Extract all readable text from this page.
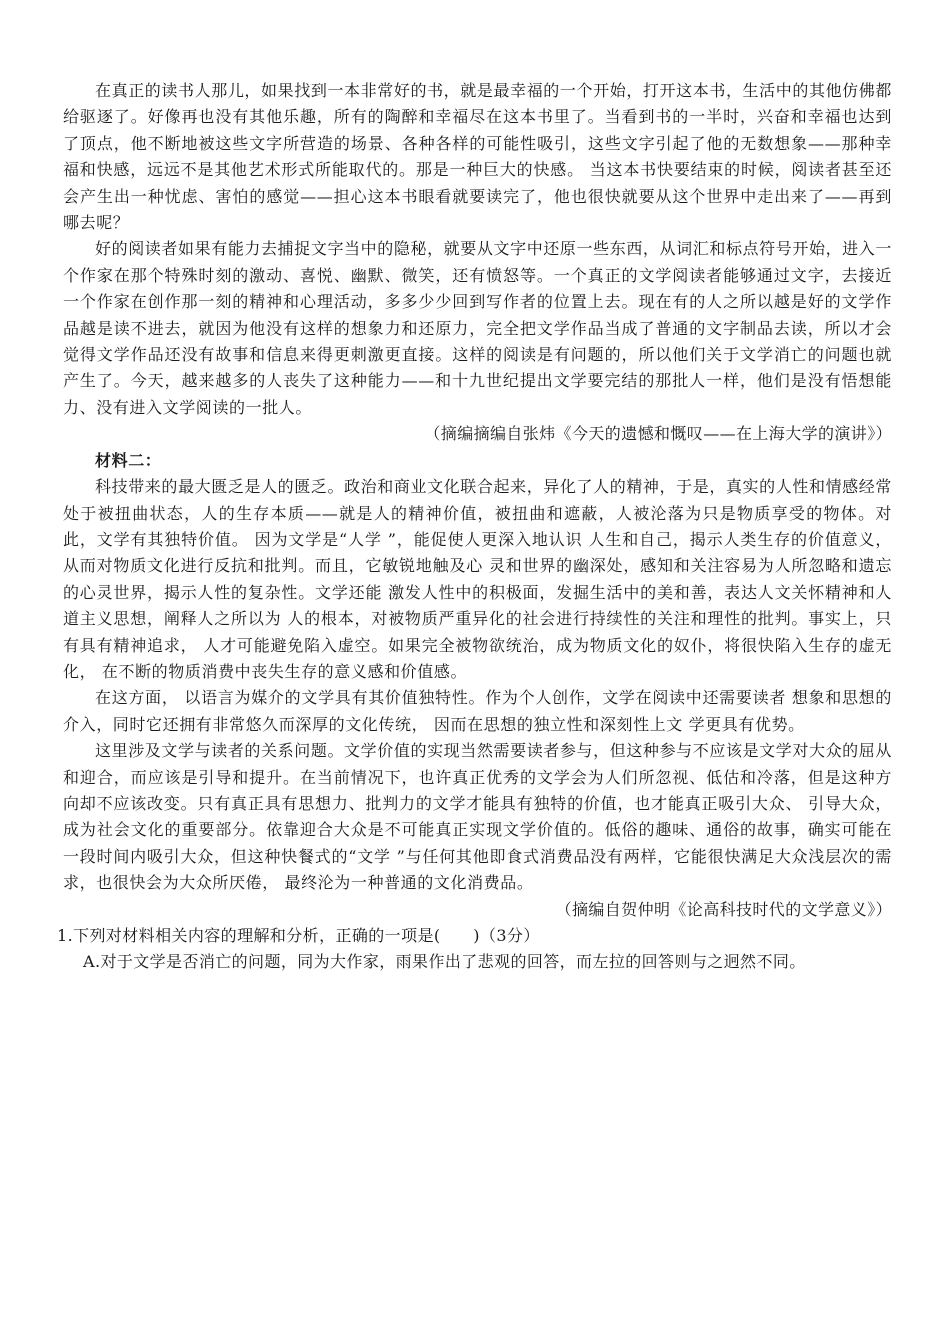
在真正的读书人那儿，如果找到一本非常好的书，就是最幸福的一个开始，打开这本书，生活中的其他仿佛都给驱逐了。好像再也没有其他乐趣，所有的陶醉和幸福尽在这本书里了。当看到书的一半时，兴奋和幸福也达到了顶点，他不断地被这些文字所营造的场景、各种各样的可能性吸引，这些文字引起了他的无数想象——那种幸福和快感，远远不是其他艺术形式所能取代的。那是一种巨大的快感。 当这本书快要结束的时候，阅读者甚至还会产生出一种忧虑、害怕的感觉——担心这本书眼看就要读完了，他也很快就要从这个世界中走出来了——再到哪去呢？

好的阅读者如果有能力去捕捉文字当中的隐秘，就要从文字中还原一些东西，从词汇和标点符号开始，进入一个作家在那个特殊时刻的激动、喜悦、幽默、微笑，还有愤怒等。一个真正的文学阅读者能够通过文字，去接近一个作家在创作那一刻的精神和心理活动，多多少少回到写作者的位置上去。现在有的人之所以越是好的文学作品越是读不进去，就因为他没有这样的想象力和还原力，完全把文学作品当成了普通的文字制品去读，所以才会觉得文学作品还没有故事和信息来得更刺激更直接。这样的阅读是有问题的，所以他们关于文学消亡的问题也就产生了。今天，越来越多的人丧失了这种能力——和十九世纪提出文学要完结的那批人一样，他们是没有悟想能力、没有进入文学阅读的一批人。

（摘编摘编自张炜《今天的遗憾和慨叹——在上海大学的演讲》）

材料二：

科技带来的最大匮乏是人的匮乏。政治和商业文化联合起来，异化了人的精神，于是，真实的人性和情感经常处于被扭曲状态，人的生存本质——就是人的精神价值，被扭曲和遮蔽，人被沦落为只是物质享受的物体。对此，文学有其独特价值。 因为文学是“人学 ”，能促使人更深入地认识 人生和自己，揭示人类生存的价值意义，从而对物质文化进行反抗和批判。而且，它敏锐地触及心 灵和世界的幽深处，感知和关注容易为人所忽略和遗忘的心灵世界，揭示人性的复杂性。文学还能 激发人性中的积极面，发掘生活中的美和善，表达人文关怀精神和人道主义思想，阐释人之所以为 人的根本，对被物质严重异化的社会进行持续性的关注和理性的批判。事实上，只有具有精神追求， 人才可能避免陷入虚空。如果完全被物欲统治，成为物质文化的奴仆，将很快陷入生存的虚无化， 在不断的物质消费中丧失生存的意义感和价值感。

在这方面， 以语言为媒介的文学具有其价值独特性。作为个人创作，文学在阅读中还需要读者 想象和思想的介入，同时它还拥有非常悠久而深厚的文化传统， 因而在思想的独立性和深刻性上文 学更具有优势。

这里涉及文学与读者的关系问题。文学价值的实现当然需要读者参与，但这种参与不应该是文学对大众的屈从和迎合，而应该是引导和提升。在当前情况下，也许真正优秀的文学会为人们所忽视、低估和冷落，但是这种方向却不应该改变。只有真正具有思想力、批判力的文学才能具有独特的价值，也才能真正吸引大众、 引导大众，成为社会文化的重要部分。依靠迎合大众是不可能真正实现文学价值的。低俗的趣味、通俗的故事，确实可能在一段时间内吸引大众，但这种快餐式的“文学 ”与任何其他即食式消费品没有两样，它能很快满足大众浅层次的需求，也很快会为大众所厌倦， 最终沦为一种普通的文化消费品。

（摘编自贺仲明《论高科技时代的文学意义》）

1.下列对材料相关内容的理解和分析，正确的一项是(　　)（3分）

A.对于文学是否消亡的问题，同为大作家，雨果作出了悲观的回答，而左拉的回答则与之迥然不同。
